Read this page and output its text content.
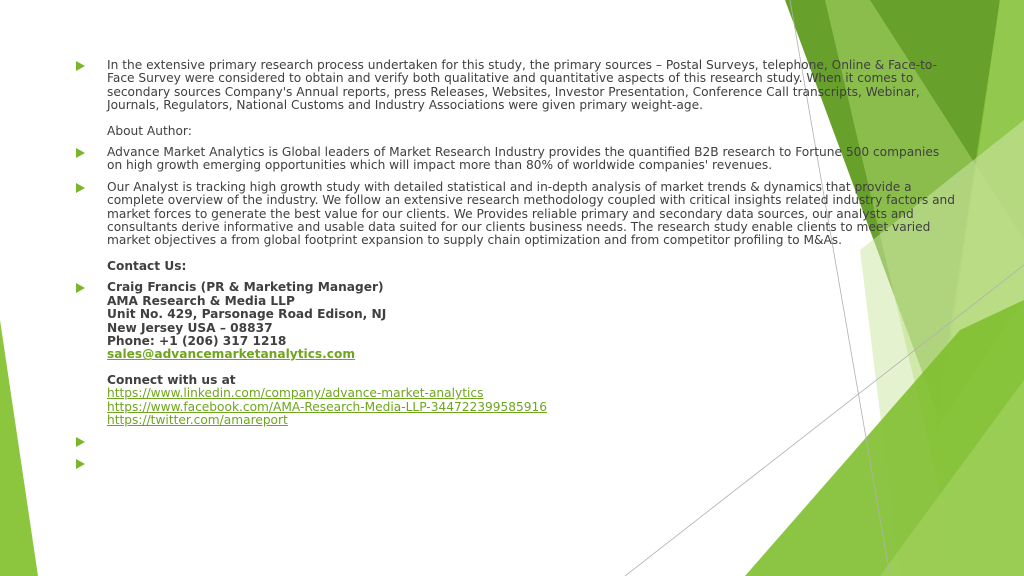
In the extensive primary research process undertaken for this study, the primary sources – Postal Surveys, telephone, Online & Face-to-Face Survey were considered to obtain and verify both qualitative and quantitative aspects of this research study. When it comes to secondary sources Company's Annual reports, press Releases, Websites, Investor Presentation, Conference Call transcripts, Webinar, Journals, Regulators, National Customs and Industry Associations were given primary weight-age.

About Author:

Advance Market Analytics is Global leaders of Market Research Industry provides the quantified B2B research to Fortune 500 companies on high growth emerging opportunities which will impact more than 80% of worldwide companies' revenues.

Our Analyst is tracking high growth study with detailed statistical and in-depth analysis of market trends & dynamics that provide a complete overview of the industry. We follow an extensive research methodology coupled with critical insights related industry factors and market forces to generate the best value for our clients. We Provides reliable primary and secondary data sources, our analysts and consultants derive informative and usable data suited for our clients business needs. The research study enable clients to meet varied market objectives a from global footprint expansion to supply chain optimization and from competitor profiling to M&As.

Contact Us:

Craig Francis (PR & Marketing Manager)
AMA Research & Media LLP
Unit No. 429, Parsonage Road Edison, NJ
New Jersey USA – 08837
Phone: +1 (206) 317 1218
sales@advancemarketanalytics.com
Connect with us at
https://www.linkedin.com/company/advance-market-analytics
https://www.facebook.com/AMA-Research-Media-LLP-344722399585916
https://twitter.com/amareport
